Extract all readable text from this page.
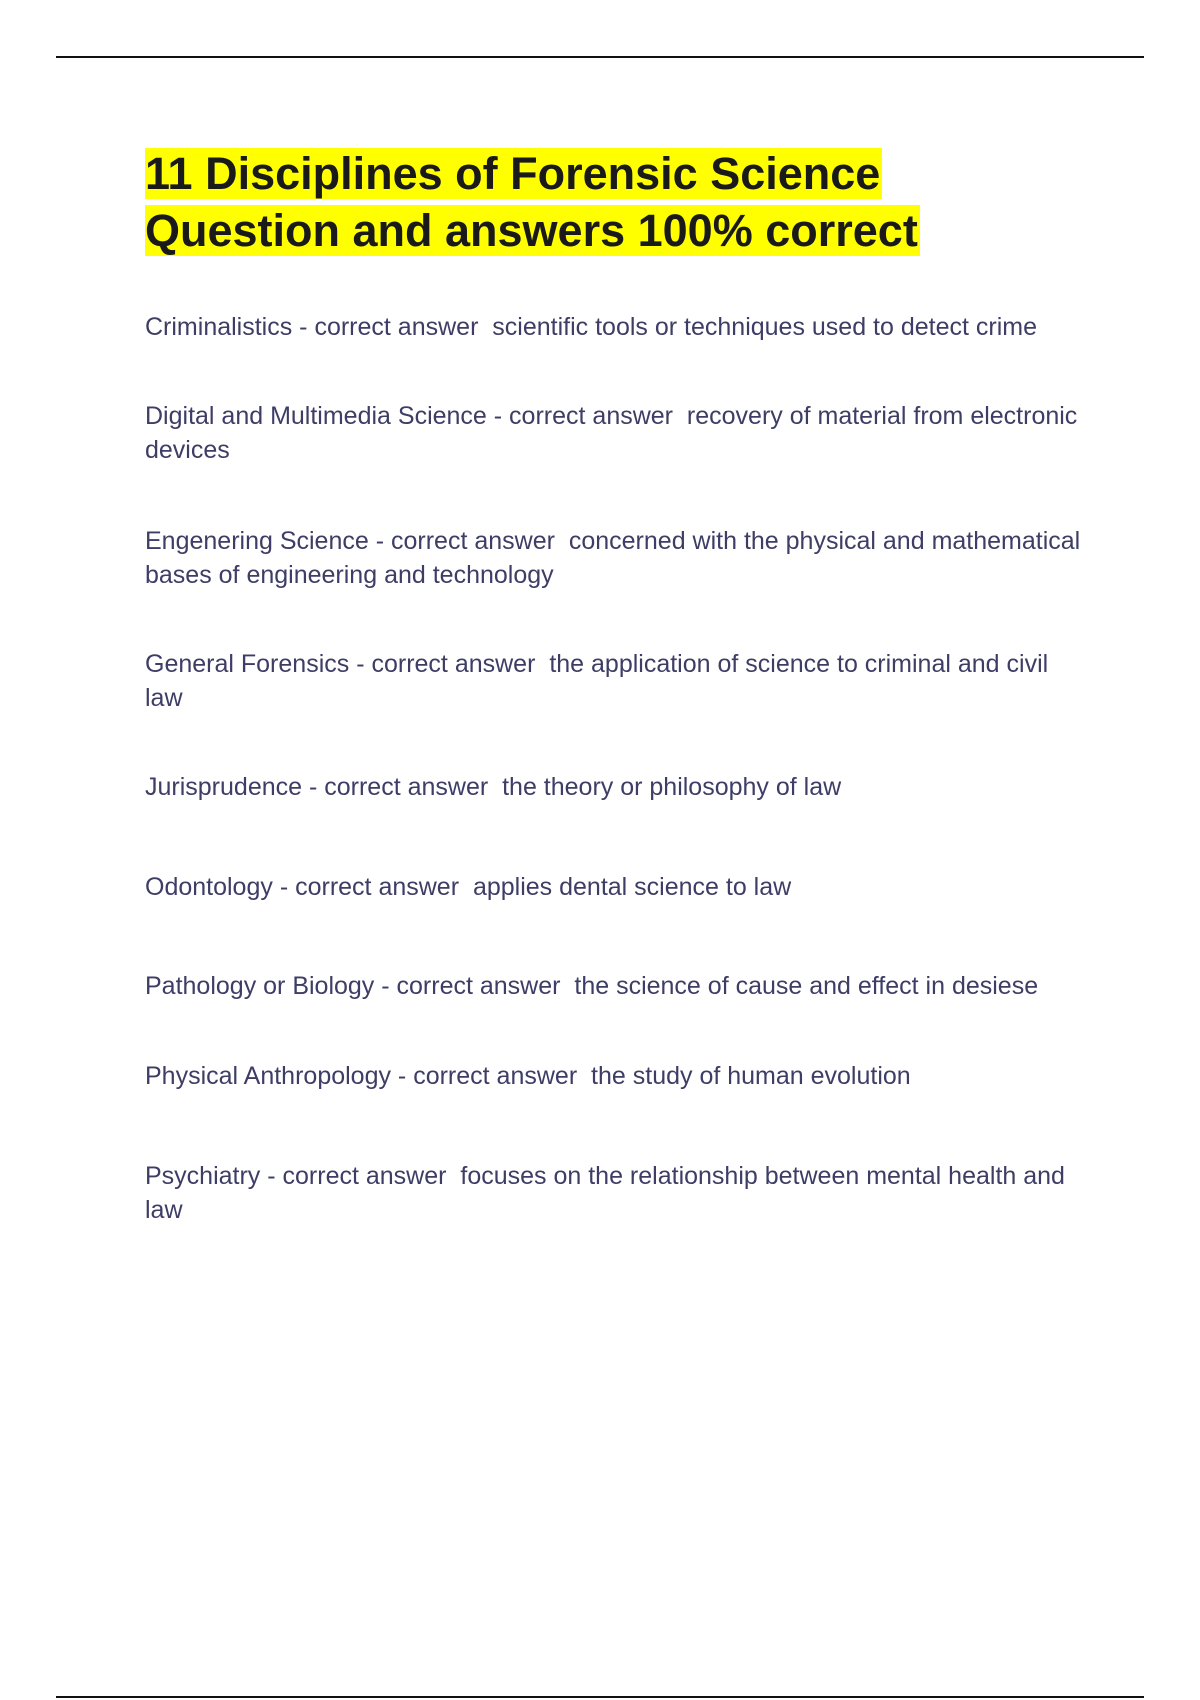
11 Disciplines of Forensic Science
Question and answers 100% correct

Criminalistics - correct answer  scientific tools or techniques used to detect crime

Digital and Multimedia Science - correct answer  recovery of material from electronic devices

Engenering Science - correct answer  concerned with the physical and mathematical bases of engineering and technology

General Forensics - correct answer  the application of science to criminal and civil law

Jurisprudence - correct answer  the theory or philosophy of law

Odontology - correct answer  applies dental science to law

Pathology or Biology - correct answer  the science of cause and effect in desiese

Physical Anthropology - correct answer  the study of human evolution

Psychiatry - correct answer  focuses on the relationship between mental health and law
